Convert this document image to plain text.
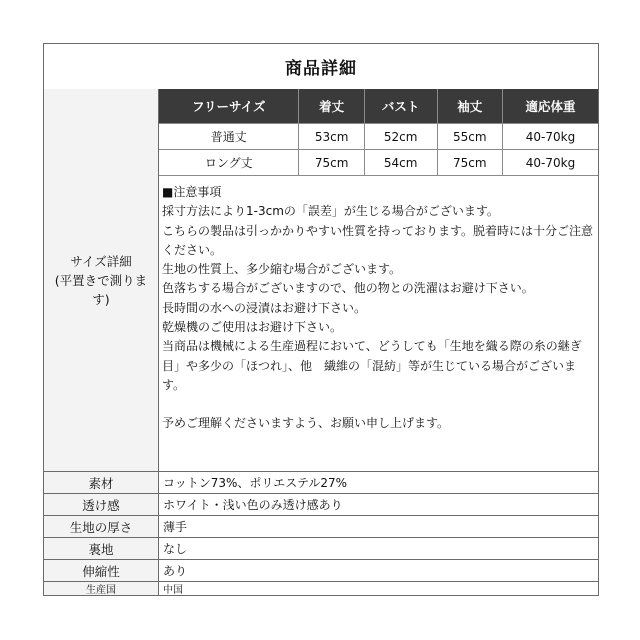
商品詳細
サイズ詳細
(平置きで測りま
す)
フリーサイズ	着丈	バスト	袖丈	適応体重
普通丈	53cm	52cm	55cm	40-70kg
ロング丈	75cm	54cm	75cm	40-70kg
■注意事項
採寸方法により1-3cmの「誤差」が生じる場合がございます。
こちらの製品は引っかかりやすい性質を持っております。脱着時には十分ご注意ください。
生地の性質上、多少縮む場合がございます。
色落ちする場合がございますので、他の物との洗濯はお避け下さい。
長時間の水への浸漬はお避け下さい。
乾燥機のご使用はお避け下さい。
当商品は機械による生産過程において、どうしても「生地を織る際の糸の継ぎ目」や多少の「ほつれ」、他　繊維の「混紡」等が生じている場合がございます。
予めご理解くださいますよう、お願い申し上げます。
素材	コットン73%、ポリエステル27%
透け感	ホワイト・浅い色のみ透け感あり
生地の厚さ	薄手
裏地	なし
伸縮性	あり
生産国	中国
